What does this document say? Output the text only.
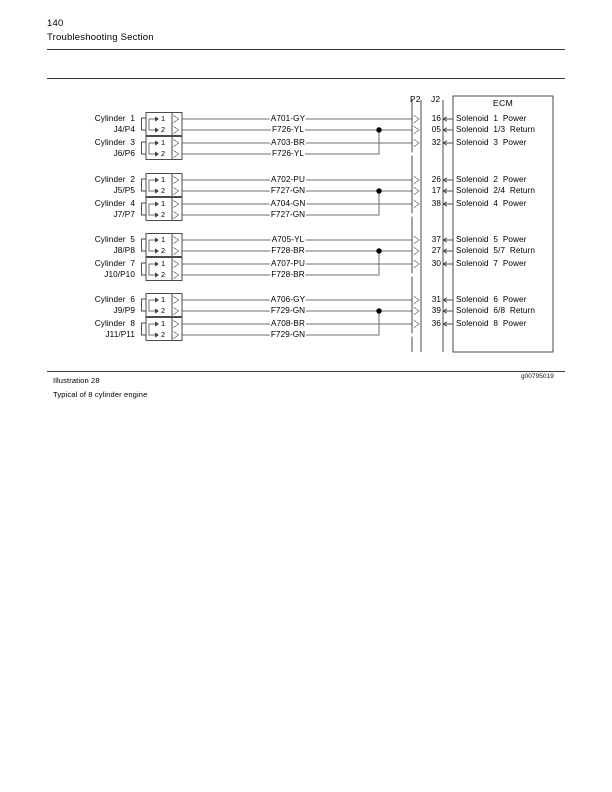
140
Troubleshooting Section
P2 J2	ECM
1
2
Cylinder  1
J4/P4
1
2
Cylinder  3
J6/P6
A701-GY
F726-YL
A703-BR
F726-YL
16 Solenoid  1  Power
05 Solenoid  1/3  Return
32 Solenoid  3  Power
1
2
Cylinder  2
J5/P5
1
2
Cylinder  4
J7/P7
A702-PU
F727-GN
A704-GN
F727-GN
26 Solenoid  2  Power
17 Solenoid  2/4  Return
38 Solenoid  4  Power
1
2
Cylinder  5
J8/P8
1
2
Cylinder  7
J10/P10
A705-YL
F728-BR
A707-PU
F728-BR
37 Solenoid  5  Power
27 Solenoid  5/7  Return
30 Solenoid  7  Power
1
2
Cylinder  6
J9/P9
1
2
Cylinder  8
J11/P11
A706-GY
F729-GN
A708-BR
F729-GN
31 Solenoid  6  Power
39 Solenoid  6/8  Return
36 Solenoid  8  Power
Illustration 28
Typical of 8 cylinder engine
g00795019
